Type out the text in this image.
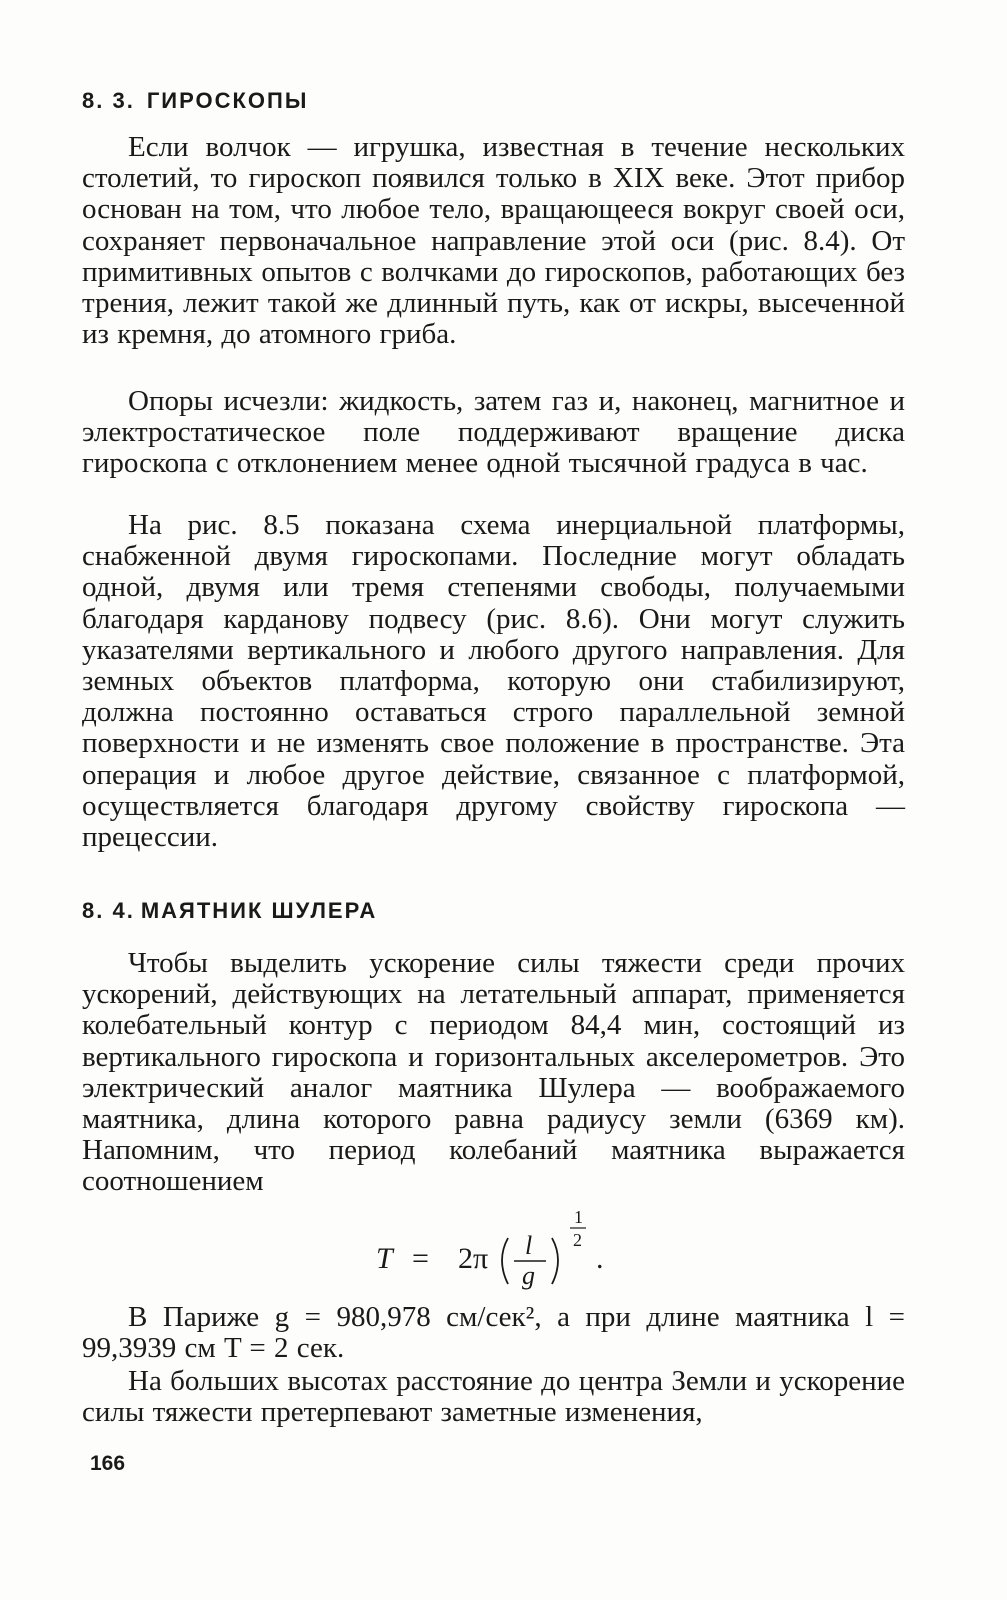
8. 3. ГИРОСКОПЫ

Если волчок — игрушка, известная в течение нескольких столетий, то гироскоп появился только в XIX веке. Этот прибор основан на том, что любое тело, вращающееся вокруг своей оси, сохраняет первоначальное направление этой оси (рис. 8.4). От примитивных опытов с волчками до гироскопов, работающих без трения, лежит такой же длинный путь, как от искры, высеченной из кремня, до атомного гриба.

Опоры исчезли: жидкость, затем газ и, наконец, магнитное и электростатическое поле поддерживают вращение диска гироскопа с отклонением менее одной тысячной градуса в час.

На рис. 8.5 показана схема инерциальной платформы, снабженной двумя гироскопами. Последние могут обладать одной, двумя или тремя степенями свободы, получаемыми благодаря карданову подвесу (рис. 8.6). Они могут служить указателями вертикального и любого другого направления. Для земных объектов платформа, которую они стабилизируют, должна постоянно оставаться строго параллельной земной поверхности и не изменять свое положение в пространстве. Эта операция и любое другое действие, связанное с платформой, осуществляется благодаря другому свойству гироскопа — прецессии.

8. 4. МАЯТНИК ШУЛЕРА

Чтобы выделить ускорение силы тяжести среди прочих ускорений, действующих на летательный аппарат, применяется колебательный контур с периодом 84,4 мин, состоящий из вертикального гироскопа и горизонтальных акселерометров. Это электрический аналог маятника Шулера — воображаемого маятника, длина которого равна радиусу земли (6369 км). Напомним, что период колебаний маятника выражается соотношением

T = 2π l
g
1
2
.

В Париже g = 980,978 см/сек², а при длине маятника l = 99,3939 см T = 2 сек.

На больших высотах расстояние до центра Земли и ускорение силы тяжести претерпевают заметные изменения,

166
